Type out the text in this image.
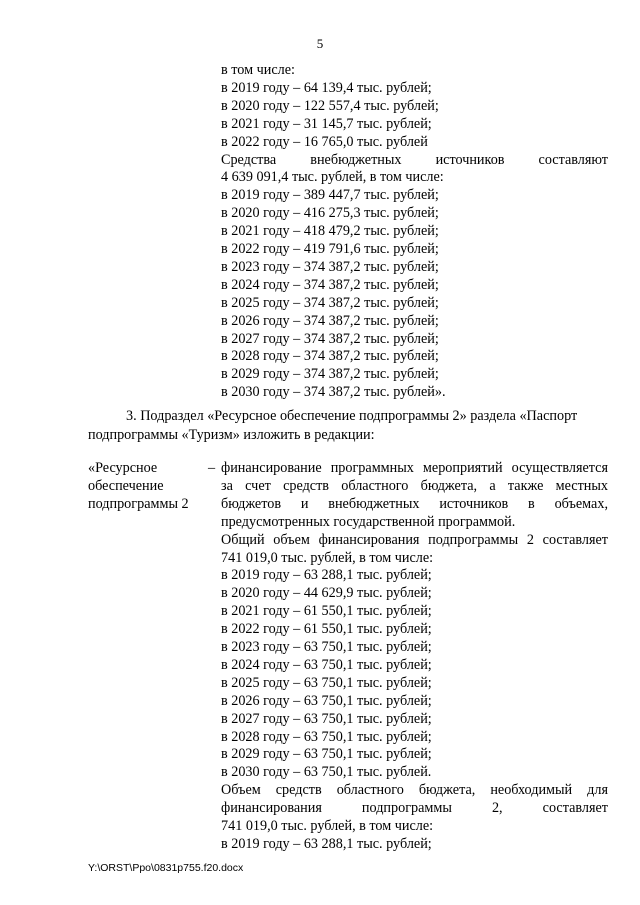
5
в том числе:
в 2019 году – 64 139,4 тыс. рублей;
в 2020 году – 122 557,4 тыс. рублей;
в 2021 году – 31 145,7 тыс. рублей;
в 2022 году – 16 765,0 тыс. рублей
Средства внебюджетных источников составляют
4 639 091,4 тыс. рублей, в том числе:
в 2019 году – 389 447,7 тыс. рублей;
в 2020 году – 416 275,3 тыс. рублей;
в 2021 году – 418 479,2 тыс. рублей;
в 2022 году – 419 791,6 тыс. рублей;
в 2023 году – 374 387,2 тыс. рублей;
в 2024 году – 374 387,2 тыс. рублей;
в 2025 году – 374 387,2 тыс. рублей;
в 2026 году – 374 387,2 тыс. рублей;
в 2027 году – 374 387,2 тыс. рублей;
в 2028 году – 374 387,2 тыс. рублей;
в 2029 году – 374 387,2 тыс. рублей;
в 2030 году – 374 387,2 тыс. рублей».
3. Подраздел «Ресурсное обеспечение подпрограммы 2» раздела «Паспорт
подпрограммы «Туризм» изложить в редакции:
«Ресурсное
обеспечение
подпрограммы 2
– финансирование программных мероприятий осуществляется
за счет средств областного бюджета, а также местных
бюджетов и внебюджетных источников в объемах,
предусмотренных государственной программой.
Общий объем финансирования подпрограммы 2 составляет
741 019,0 тыс. рублей, в том числе:
в 2019 году – 63 288,1 тыс. рублей;
в 2020 году – 44 629,9 тыс. рублей;
в 2021 году – 61 550,1 тыс. рублей;
в 2022 году – 61 550,1 тыс. рублей;
в 2023 году – 63 750,1 тыс. рублей;
в 2024 году – 63 750,1 тыс. рублей;
в 2025 году – 63 750,1 тыс. рублей;
в 2026 году – 63 750,1 тыс. рублей;
в 2027 году – 63 750,1 тыс. рублей;
в 2028 году – 63 750,1 тыс. рублей;
в 2029 году – 63 750,1 тыс. рублей;
в 2030 году – 63 750,1 тыс. рублей.
Объем средств областного бюджета, необходимый для
финансирования подпрограммы 2, составляет
741 019,0 тыс. рублей, в том числе:
в 2019 году – 63 288,1 тыс. рублей;
Y:\ORST\Ppo\0831p755.f20.docx
